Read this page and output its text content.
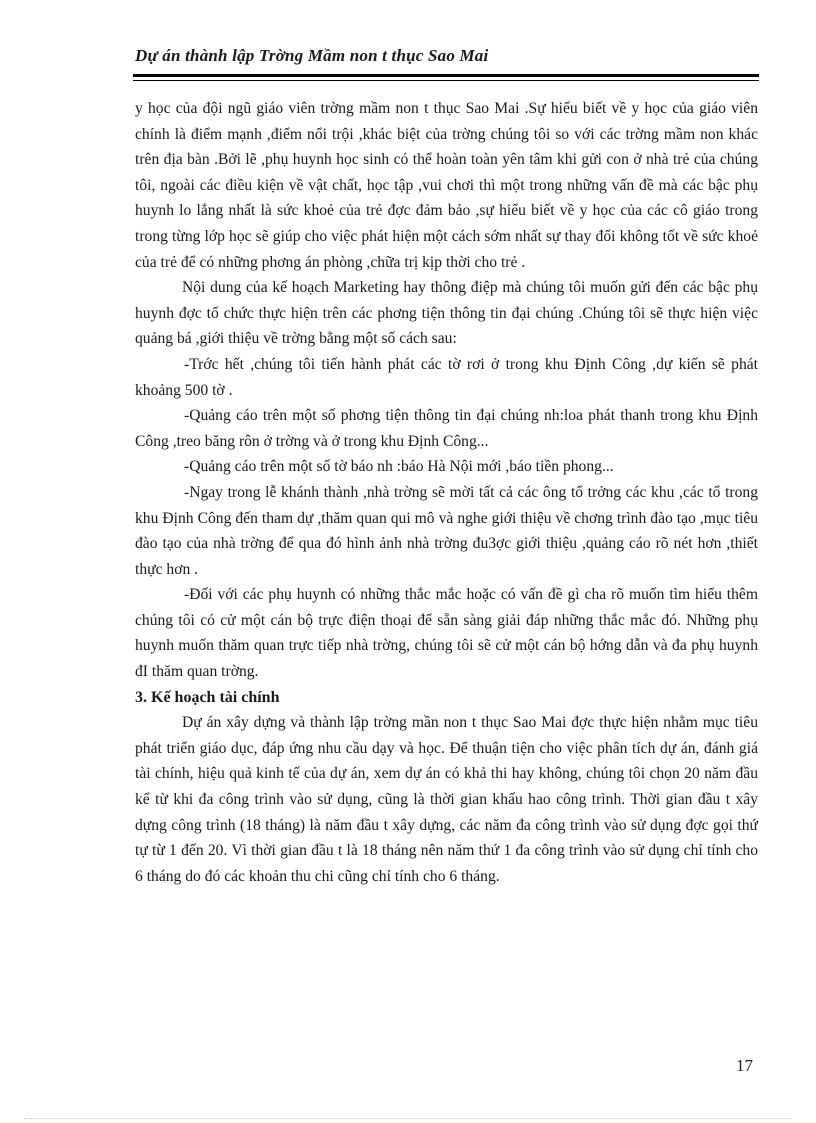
Dự án thành lập Trờng Mầm non t thục Sao Mai

y học của đội ngũ giáo viên trờng mầm non t thục Sao Mai .Sự hiểu biết về y học của giáo viên chính là điểm mạnh ,điểm nổi trội ,khác biệt của trờng chúng tôi so với các trờng mầm non khác trên địa bàn .Bởi lẽ ,phụ huynh học sinh có thể hoàn toàn yên tâm khi gửi con ở nhà trẻ của chúng tôi, ngoài các điều kiện về vật chất, học tập ,vui chơi thì một trong những vấn đề mà các bậc phụ huynh lo lắng nhất là sức khoẻ của trẻ đợc đảm bảo ,sự hiểu biết về y học của các cô giáo trong trong từng lớp học sẽ giúp cho việc phát hiện một cách sớm nhất sự thay đổi không tốt về sức khoẻ của trẻ để có những phơng án phòng ,chữa trị kịp thời cho trẻ .

Nội dung của kế hoạch Marketing hay thông điệp mà chúng tôi muốn gửi đến các bậc phụ huynh đợc tổ chức thực hiện trên các phơng tiện thông tin đại chúng .Chúng tôi sẽ thực hiện việc quảng bá ,giới thiệu về trờng bằng một số cách sau:

-Trớc hết ,chúng tôi tiến hành phát các tờ rơi ở trong khu Định Công ,dự kiến sẽ phát khoảng 500 tờ .

-Quảng cáo trên một số phơng tiện thông tin đại chúng nh:loa phát thanh trong khu Định Công ,treo băng rôn ở trờng và ở trong khu Định Công...

-Quảng cáo trên một số tờ báo nh :báo Hà Nội mới ,báo tiền phong...

-Ngay trong lễ khánh thành ,nhà trờng sẽ mời tất cả các ông tổ trởng các khu ,các tổ trong khu Định Công đến tham dự ,thăm quan qui mô và nghe giới thiệu về chơng trình đào tạo ,mục tiêu đào tạo của nhà trờng để qua đó hình ảnh nhà trờng đu3ợc giới thiệu ,quảng cáo rõ nét hơn ,thiết thực hơn .

-Đối với các phụ huynh có những thắc mắc hoặc có vấn đề gì cha rõ muốn tìm hiểu thêm chúng tôi có cử một cán bộ trực điện thoại để sẵn sàng giải đáp những thắc mắc đó. Những phụ huynh muốn thăm quan trực tiếp nhà trờng, chúng tôi sẽ cử một cán bộ hớng dẫn và đa phụ huynh đI thăm quan trờng.

3. Kế hoạch tài chính

Dự án xây dựng và thành lập trờng mần non t thục Sao Mai đợc thực hiện nhằm mục tiêu phát triển giáo dục, đáp ứng nhu cầu dạy và học. Để thuận tiện cho việc phân tích dự án, đánh giá tài chính, hiệu quả kinh tế của dự án, xem dự án có khả thi hay không, chúng tôi chọn 20 năm đầu kể từ khi đa công trình vào sử dụng, cũng là thời gian khấu hao công trình. Thời gian đầu t xây dựng công trình (18 tháng) là năm đầu t xây dựng, các năm đa công trình vào sử dụng đợc gọi thứ tự từ 1 đến 20. Vì thời gian đầu t là 18 tháng nên năm thứ 1 đa công trình vào sử dụng chỉ tính cho 6 tháng do đó các khoản thu chi cũng chỉ tính cho 6 tháng.

17
